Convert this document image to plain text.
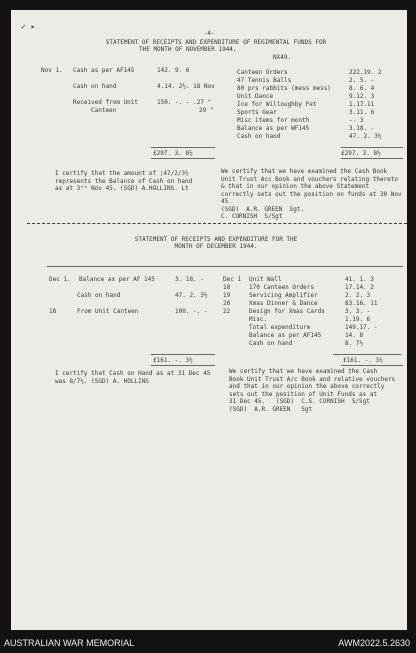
✓ ▸
-4-
STATEMENT OF RECEIPTS AND EXPENDITURE OF REGIMENTAL FUNDS FOR
THE MONTH OF NOVEMBER 1944.
NX49.
Nov 1. Cash as per AF145	142. 9. 6
Cash on hand	4.14. 2½. 18 Nov
Received from Unit	150. -. - .27 "
Canteen	29 "
Canteen Orders	222.19. 2
47 Tennis Balls	2. 5. -
80 prs rabbits (mess mess)	8. 6. 4
Unit Dance	9.12. 3
Ice for Willoughby Fet	1.17.11
Sports Gear	3.11. 6
Misc items for month	-. 3
Balance as per WF145	3.18. -
Cash on hand	47. 2. 3½
£297. 3. 8½	£297. 3. 8½
I certify that the amount of ¦47/2/3½
represents the Balance of Cash on hand
as at 3ᵗʰ Nov 45. (SGD) A.HOLLINS. Lt
We certify that we have examined the Cash Book
Unit Trust Acc Book and vouchers relating thereto
& that in our opinion the above Statement
correctly sets out the position on funds at 30 Nov
45.
(SGD)  A.R. GREEN  Sgt.
C. CORNISH  S/Sgt
STATEMENT OF RECEIPTS AND EXPENDITURE FOR THE
MONTH OF DECEMBER 1944.
Dec 1. Balance as per AF 145	3. 18. -
Cash on hand	47. 2. 3½
18	From Unit Canteen	100. -. -
Dec 1 Unit Wall	41. 1. 3
18	170 Canteen Orders	17.14. 2
19	Servicing Amplifier	2. 2. 3
26	Xmas Dinner & Dance	83.16. 11
22	Design for Xmas Cards	3. 3. -
Misc.	1.19. 6
Total expenditure	149.17. -
Balance as per AF145	14. 8
Cash on hand	8. 7½
£161. -. 3½	£161. -. 3½
I certify that Cash on Hand as at 31 Dec 45
was 8/7½. (SGD) A. HOLLINS
We certify that we have examined the Cash
Book Unit Trust A/c Book and relative vouchers
and that in our opinion the above correctly
sets out the position of Unit Funds as at
31 Dec 45.   (SGD)  C.S. CORNISH  S/Sgt
(SGD)  A.R. GREEN   Sgt
AUSTRALIAN WAR MEMORIAL	AWM2022.5.2630
